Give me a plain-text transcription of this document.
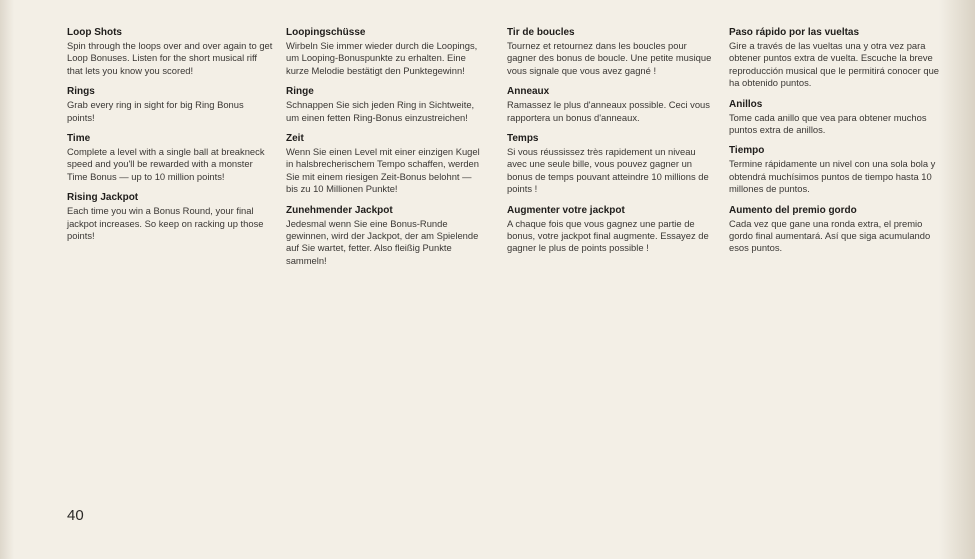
Loop Shots

Spin through the loops over and over again to get Loop Bonuses. Listen for the short musical riff that lets you know you scored!

Rings

Grab every ring in sight for big Ring Bonus points!

Time

Complete a level with a single ball at breakneck speed and you'll be rewarded with a monster Time Bonus — up to 10 million points!

Rising Jackpot

Each time you win a Bonus Round, your final jackpot increases. So keep on racking up those points!

Loopingschüsse

Wirbeln Sie immer wieder durch die Loopings, um Looping-Bonuspunkte zu erhalten. Eine kurze Melodie bestätigt den Punktegewinn!

Ringe

Schnappen Sie sich jeden Ring in Sichtweite, um einen fetten Ring-Bonus einzustreichen!

Zeit

Wenn Sie einen Level mit einer einzigen Kugel in halsbrecherischem Tempo schaffen, werden Sie mit einem riesigen Zeit-Bonus belohnt — bis zu 10 Millionen Punkte!

Zunehmender Jackpot

Jedesmal wenn Sie eine Bonus-Runde gewinnen, wird der Jackpot, der am Spielende auf Sie wartet, fetter. Also fleißig Punkte sammeln!

Tir de boucles

Tournez et retournez dans les boucles pour gagner des bonus de boucle. Une petite musique vous signale que vous avez gagné !

Anneaux

Ramassez le plus d'anneaux possible. Ceci vous rapportera un bonus d'anneaux.

Temps

Si vous réussissez très rapidement un niveau avec une seule bille, vous pouvez gagner un bonus de temps pouvant atteindre 10 millions de points !

Augmenter votre jackpot

A chaque fois que vous gagnez une partie de bonus, votre jackpot final augmente. Essayez de gagner le plus de points possible !

Paso rápido por las vueltas

Gire a través de las vueltas una y otra vez para obtener puntos extra de vuelta. Escuche la breve reproducción musical que le permitirá conocer que ha obtenido puntos.

Anillos

Tome cada anillo que vea para obtener muchos puntos extra de anillos.

Tiempo

Termine rápidamente un nivel con una sola bola y obtendrá muchísimos puntos de tiempo hasta 10 millones de puntos.

Aumento del premio gordo

Cada vez que gane una ronda extra, el premio gordo final aumentará. Así que siga acumulando esos puntos.

40
